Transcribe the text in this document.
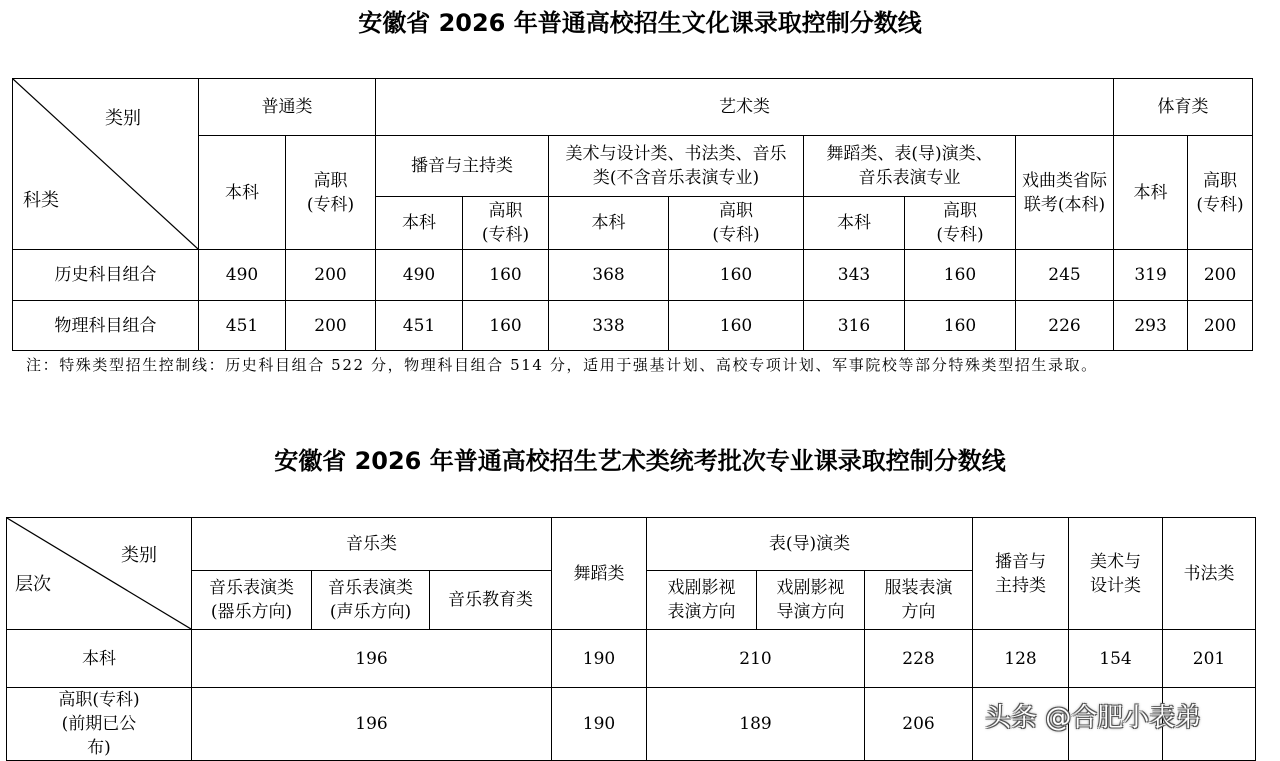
安徽省 2026 年普通高校招生文化课录取控制分数线
类别
科类	普通类		艺术类							体育类	
	本科	高职(专科)	播音与主持类		美术与设计类、书法类、音乐类(不含音乐表演专业)		舞蹈类、表(导)演类、音乐表演专业		戏曲类省际联考(本科)	本科	高职(专科)

			本科	高职(专科)	本科	高职(专科)	本科	高职(专科)			

历史科目组合	490	200	490	160	368	160	343	160	245	319	200
物理科目组合	451	200	451	160	338	160	316	160	226	293	200

注：特殊类型招生控制线：历史科目组合 522 分，物理科目组合 514 分，适用于强基计划、高校专项计划、军事院校等部分特殊类型招生录取。

安徽省 2026 年普通高校招生艺术类统考批次专业课录取控制分数线
类别
层次	音乐类			舞蹈类	表(导)演类			播音与主持类	美术与设计类	书法类

	音乐表演类(器乐方向)	音乐表演类(声乐方向)	音乐教育类		戏剧影视表演方向	戏剧影视导演方向	服装表演方向			

本科	196			190	210		228	128	154	201

高职(专科)(前期已公布)	196			190	189		206			头条 @合肥小表弟
